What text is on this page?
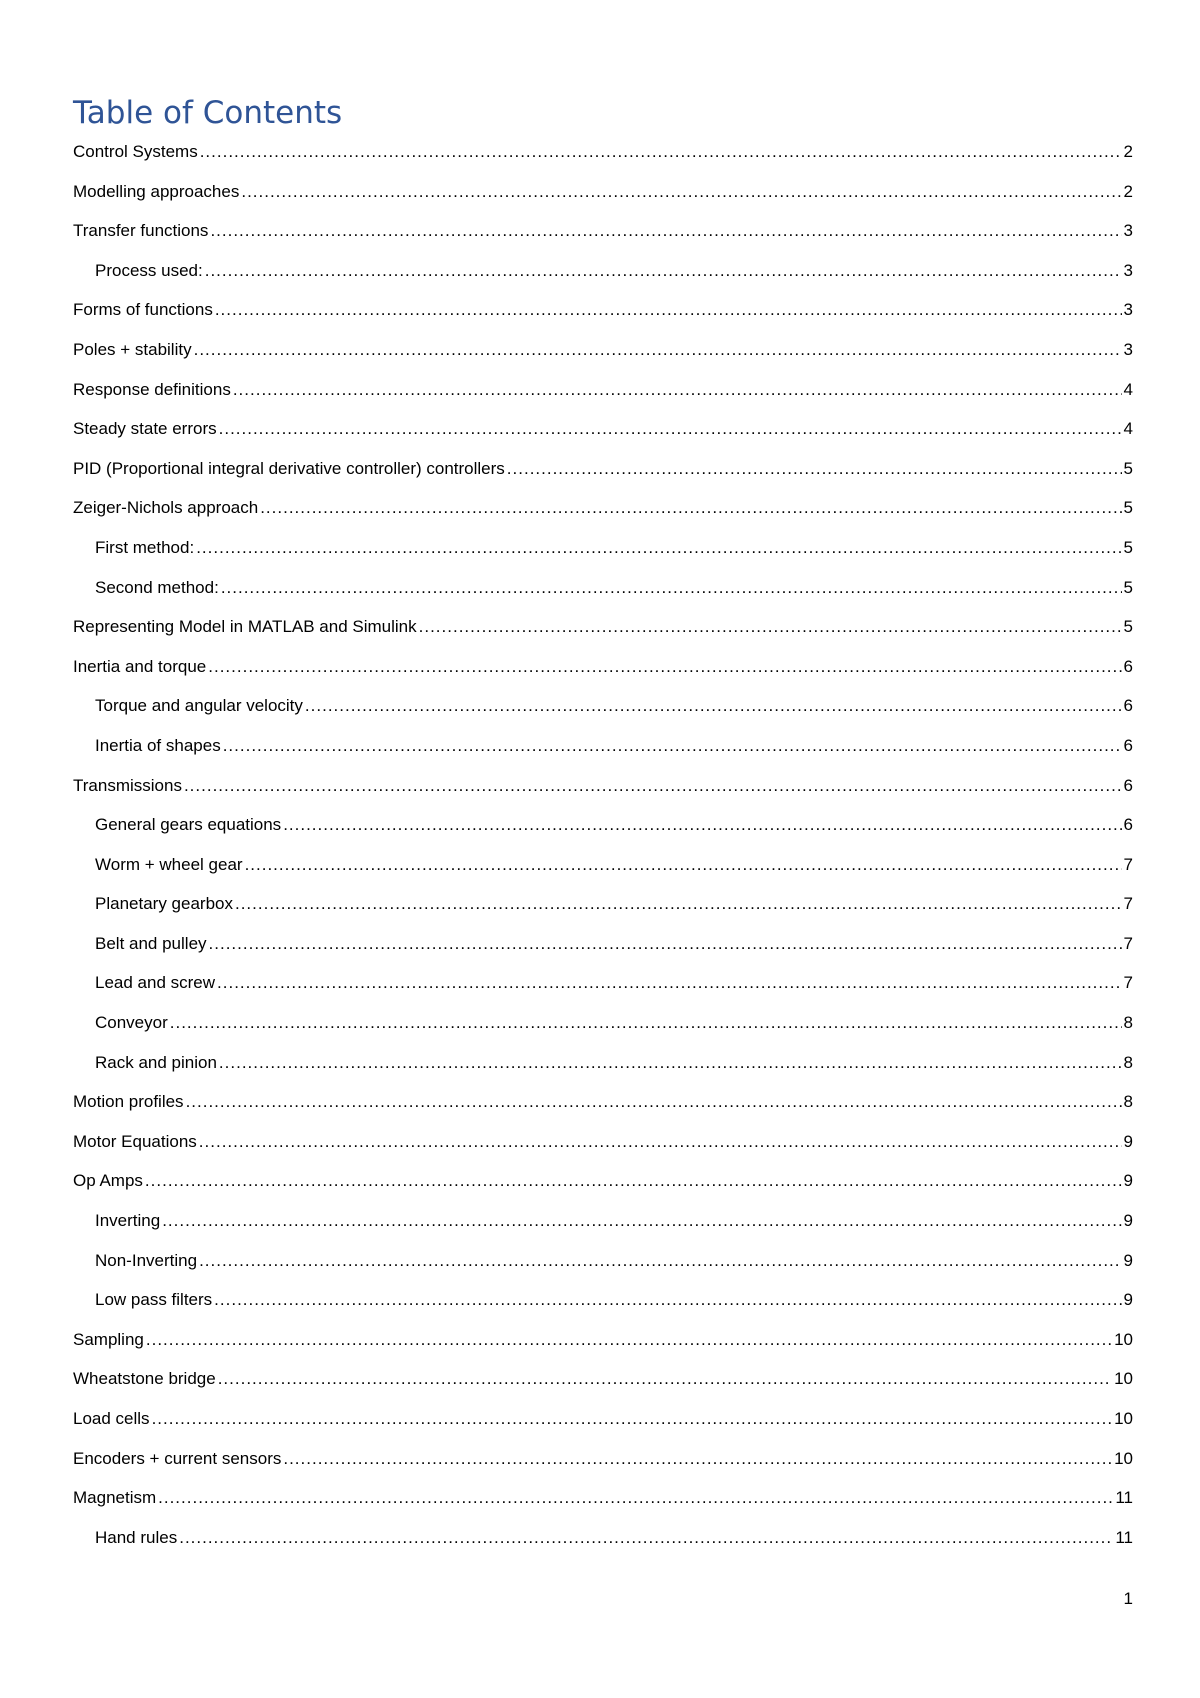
Table of Contents
Control Systems .....	2
Modelling approaches .....	2
Transfer functions .....	3
Process used: .....	3
Forms of functions .....	3
Poles + stability .....	3
Response definitions .....	4
Steady state errors .....	4
PID (Proportional integral derivative controller) controllers .....	5
Zeiger-Nichols approach .....	5
First method: .....	5
Second method: .....	5
Representing Model in MATLAB and Simulink .....	5
Inertia and torque .....	6
Torque and angular velocity .....	6
Inertia of shapes .....	6
Transmissions .....	6
General gears equations .....	6
Worm + wheel gear .....	7
Planetary gearbox .....	7
Belt and pulley .....	7
Lead and screw .....	7
Conveyor .....	8
Rack and pinion .....	8
Motion profiles .....	8
Motor Equations .....	9
Op Amps .....	9
Inverting .....	9
Non-Inverting .....	9
Low pass filters .....	9
Sampling .....	10
Wheatstone bridge .....	10
Load cells .....	10
Encoders + current sensors .....	10
Magnetism .....	11
Hand rules .....	11
1
